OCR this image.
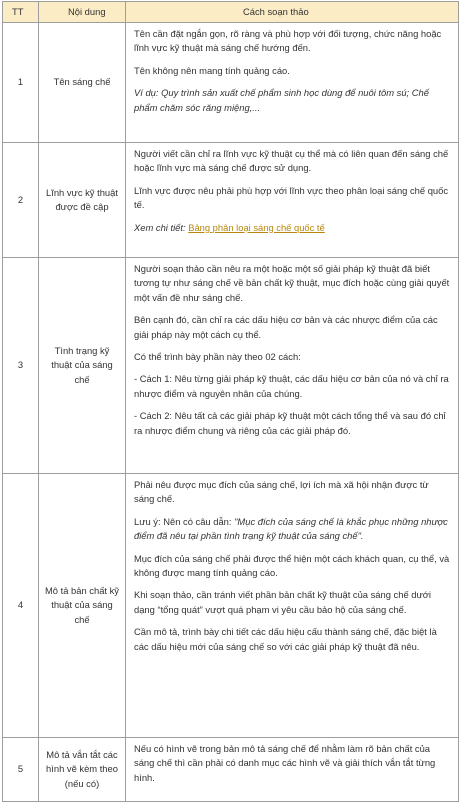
TT	Nội dung	Cách soạn thảo
1	Tên sáng chế	Tên cần đặt ngắn gọn, rõ ràng và phù hợp với đối tượng, chức năng hoặc lĩnh vực kỹ thuật mà sáng chế hướng đến.

Tên không nên mang tính quảng cáo.

Ví dụ: Quy trình sản xuất chế phẩm sinh học dùng để nuôi tôm sú; Chế phẩm chăm sóc răng miệng,...

2	Lĩnh vực kỹ thuật được đề cập	Người viết cần chỉ ra lĩnh vực kỹ thuật cụ thể mà có liên quan đến sáng chế hoặc lĩnh vực mà sáng chế được sử dụng.

Lĩnh vực được nêu phải phù hợp với lĩnh vực theo phân loại sáng chế quốc tế.

Xem chi tiết: Bảng phân loại sáng chế quốc tế

3	Tình trạng kỹ thuật của sáng chế	Người soạn thảo cần nêu ra một hoặc một số giải pháp kỹ thuật đã biết tương tự như sáng chế về bản chất kỹ thuật, mục đích hoặc cùng giải quyết một vấn đề như sáng chế.

Bên cạnh đó, cần chỉ ra các dấu hiệu cơ bản và các nhược điểm của các giải pháp này một cách cụ thể.

Có thể trình bày phần này theo 02 cách:

- Cách 1: Nêu từng giải pháp kỹ thuật, các dấu hiệu cơ bản của nó và chỉ ra nhược điểm và nguyên nhân của chúng.

- Cách 2: Nêu tất cả các giải pháp kỹ thuật một cách tổng thể và sau đó chỉ ra nhược điểm chung và riêng của các giải pháp đó.

4	Mô tả bản chất kỹ thuật của sáng chế	Phải nêu được mục đích của sáng chế, lợi ích mà xã hội nhận được từ sáng chế.

Lưu ý: Nên có câu dẫn: "Mục đích của sáng chế là khắc phục những nhược điểm đã nêu tại phần tình trạng kỹ thuật của sáng chế".

Mục đích của sáng chế phải được thể hiện một cách khách quan, cụ thể, và không được mang tính quảng cáo.

Khi soạn thảo, cần tránh viết phần bản chất kỹ thuật của sáng chế dưới dạng “tổng quát” vượt quá phạm vi yêu cầu bảo hộ của sáng chế.

Cần mô tả, trình bày chi tiết các dấu hiệu cấu thành sáng chế, đặc biệt là các dấu hiệu mới của sáng chế so với các giải pháp kỹ thuật đã nêu.

5	Mô tả vắn tắt các hình vẽ kèm theo (nếu có)	Nếu có hình vẽ trong bản mô tả sáng chế để nhằm làm rõ bản chất của sáng chế thì cần phải có danh mục các hình vẽ và giải thích vắn tắt từng hình.
